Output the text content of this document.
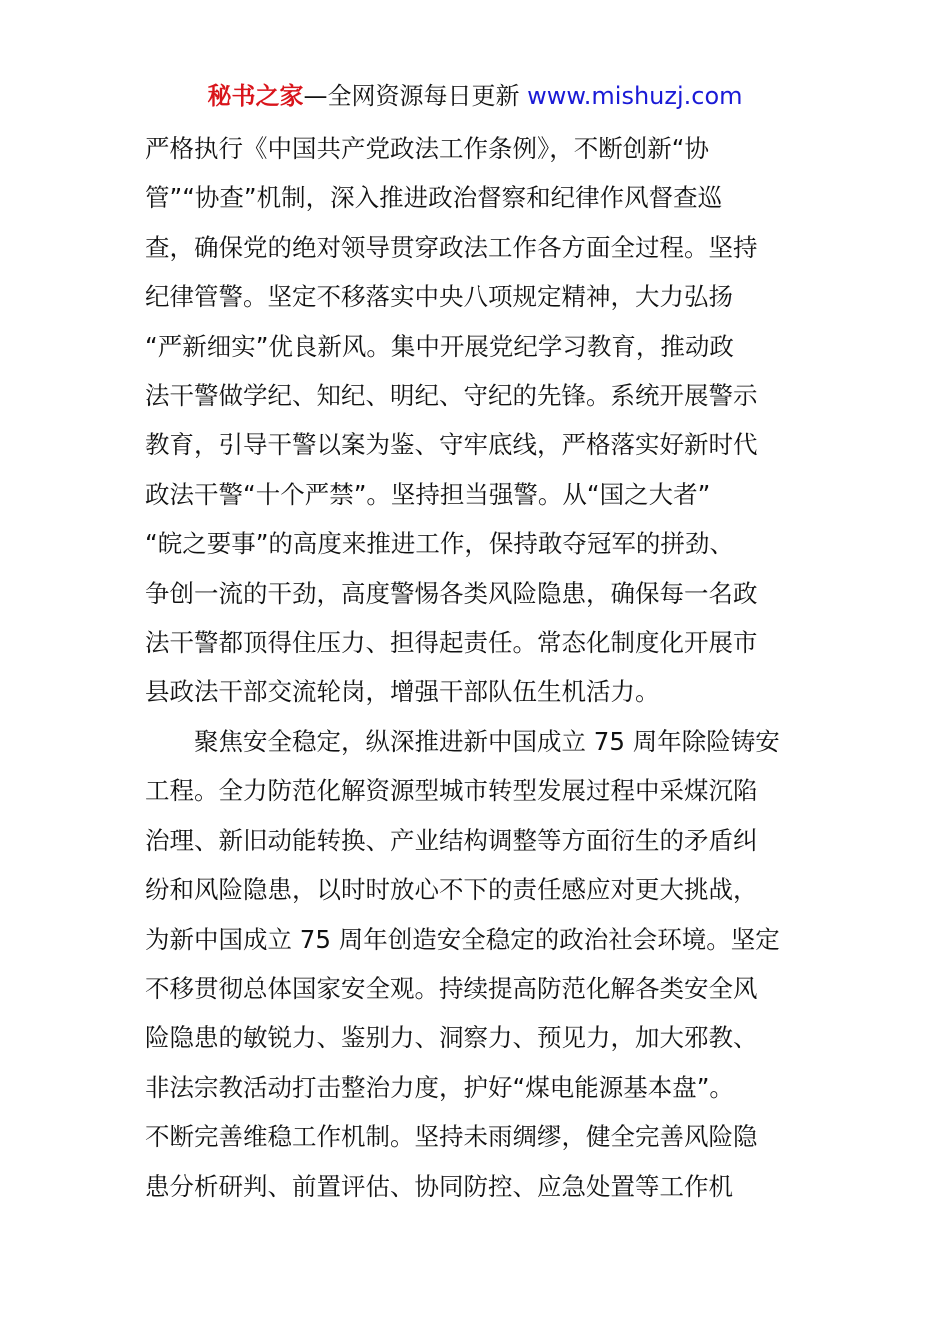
秘书之家—全网资源每日更新 www.mishuzj.com

严格执行《中国共产党政法工作条例》，不断创新“协
管”“协查”机制，深入推进政治督察和纪律作风督查巡
查，确保党的绝对领导贯穿政法工作各方面全过程。坚持
纪律管警。坚定不移落实中央八项规定精神，大力弘扬
“严新细实”优良新风。集中开展党纪学习教育，推动政
法干警做学纪、知纪、明纪、守纪的先锋。系统开展警示
教育，引导干警以案为鉴、守牢底线，严格落实好新时代
政法干警“十个严禁”。坚持担当强警。从“国之大者”
“皖之要事”的高度来推进工作，保持敢夺冠军的拼劲、
争创一流的干劲，高度警惕各类风险隐患，确保每一名政
法干警都顶得住压力、担得起责任。常态化制度化开展市
县政法干部交流轮岗，增强干部队伍生机活力。

聚焦安全稳定，纵深推进新中国成立 75 周年除险铸安
工程。全力防范化解资源型城市转型发展过程中采煤沉陷
治理、新旧动能转换、产业结构调整等方面衍生的矛盾纠
纷和风险隐患，以时时放心不下的责任感应对更大挑战，
为新中国成立 75 周年创造安全稳定的政治社会环境。坚定
不移贯彻总体国家安全观。持续提高防范化解各类安全风
险隐患的敏锐力、鉴别力、洞察力、预见力，加大邪教、
非法宗教活动打击整治力度，护好“煤电能源基本盘”。
不断完善维稳工作机制。坚持未雨绸缪，健全完善风险隐
患分析研判、前置评估、协同防控、应急处置等工作机
